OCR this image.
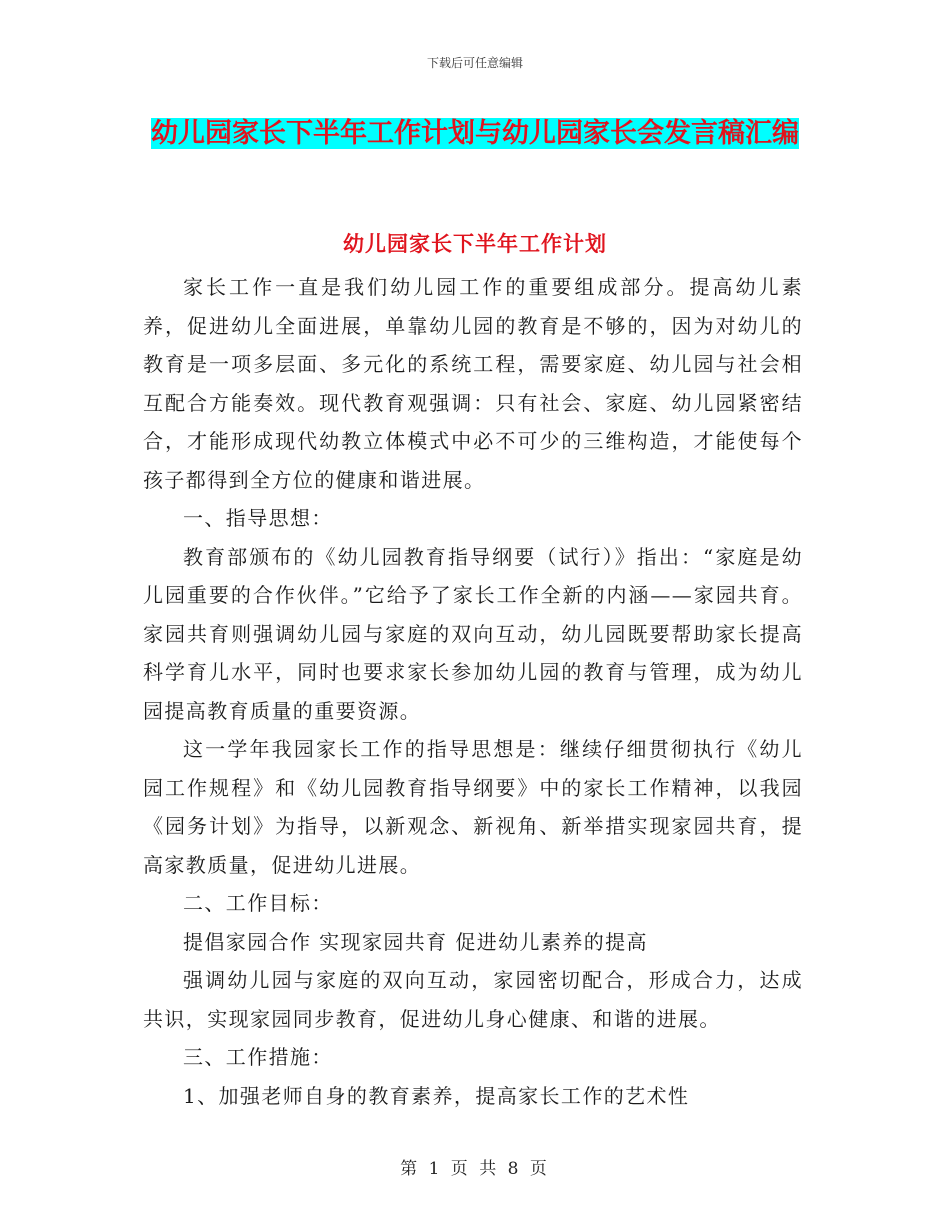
下载后可任意编辑
幼儿园家长下半年工作计划与幼儿园家长会发言稿汇编
幼儿园家长下半年工作计划

家长工作一直是我们幼儿园工作的重要组成部分。提高幼儿素养，促进幼儿全面进展，单靠幼儿园的教育是不够的，因为对幼儿的教育是一项多层面、多元化的系统工程，需要家庭、幼儿园与社会相互配合方能奏效。现代教育观强调：只有社会、家庭、幼儿园紧密结合，才能形成现代幼教立体模式中必不可少的三维构造，才能使每个孩子都得到全方位的健康和谐进展。

一、指导思想：

教育部颁布的《幼儿园教育指导纲要（试行）》指出：“家庭是幼儿园重要的合作伙伴。”它给予了家长工作全新的内涵——家园共育。家园共育则强调幼儿园与家庭的双向互动，幼儿园既要帮助家长提高科学育儿水平，同时也要求家长参加幼儿园的教育与管理，成为幼儿园提高教育质量的重要资源。

这一学年我园家长工作的指导思想是：继续仔细贯彻执行《幼儿园工作规程》和《幼儿园教育指导纲要》中的家长工作精神，以我园《园务计划》为指导，以新观念、新视角、新举措实现家园共育，提高家教质量，促进幼儿进展。

二、工作目标：

提倡家园合作 实现家园共育 促进幼儿素养的提高

强调幼儿园与家庭的双向互动，家园密切配合，形成合力，达成共识，实现家园同步教育，促进幼儿身心健康、和谐的进展。

三、工作措施：

1、加强老师自身的教育素养，提高家长工作的艺术性

第 1 页 共 8 页
